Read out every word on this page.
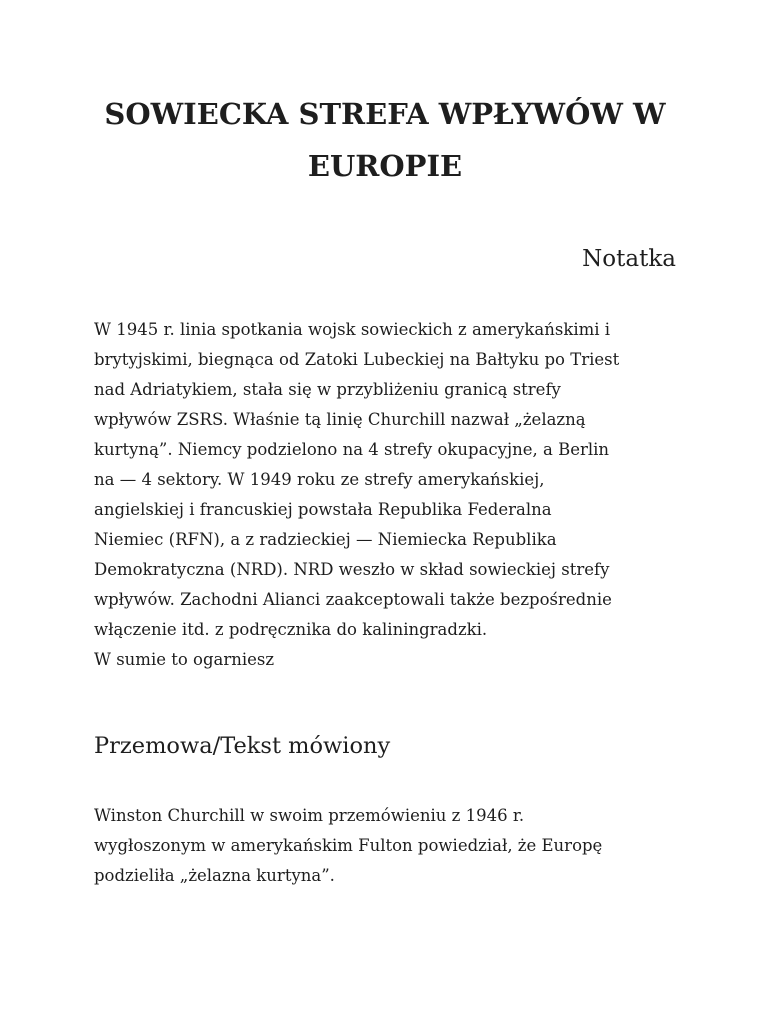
SOWIECKA STREFA WPŁYWÓW W
EUROPIE
Notatka

W 1945 r. linia spotkania wojsk sowieckich z amerykańskimi i
brytyjskimi, biegnąca od Zatoki Lubeckiej na Bałtyku po Triest
nad Adriatykiem, stała się w przybliżeniu granicą strefy
wpływów ZSRS. Właśnie tą linię Churchill nazwał „żelazną
kurtyną”. Niemcy podzielono na 4 strefy okupacyjne, a Berlin
na — 4 sektory. W 1949 roku ze strefy amerykańskiej,
angielskiej i francuskiej powstała Republika Federalna
Niemiec (RFN), a z radzieckiej — Niemiecka Republika
Demokratyczna (NRD). NRD weszło w skład sowieckiej strefy
wpływów. Zachodni Alianci zaakceptowali także bezpośrednie
włączenie itd. z podręcznika do kaliningradzki.
W sumie to ogarniesz

Przemowa/Tekst mówiony

Winston Churchill w swoim przemówieniu z 1946 r.
wygłoszonym w amerykańskim Fulton powiedział, że Europę
podzieliła „żelazna kurtyna”.
